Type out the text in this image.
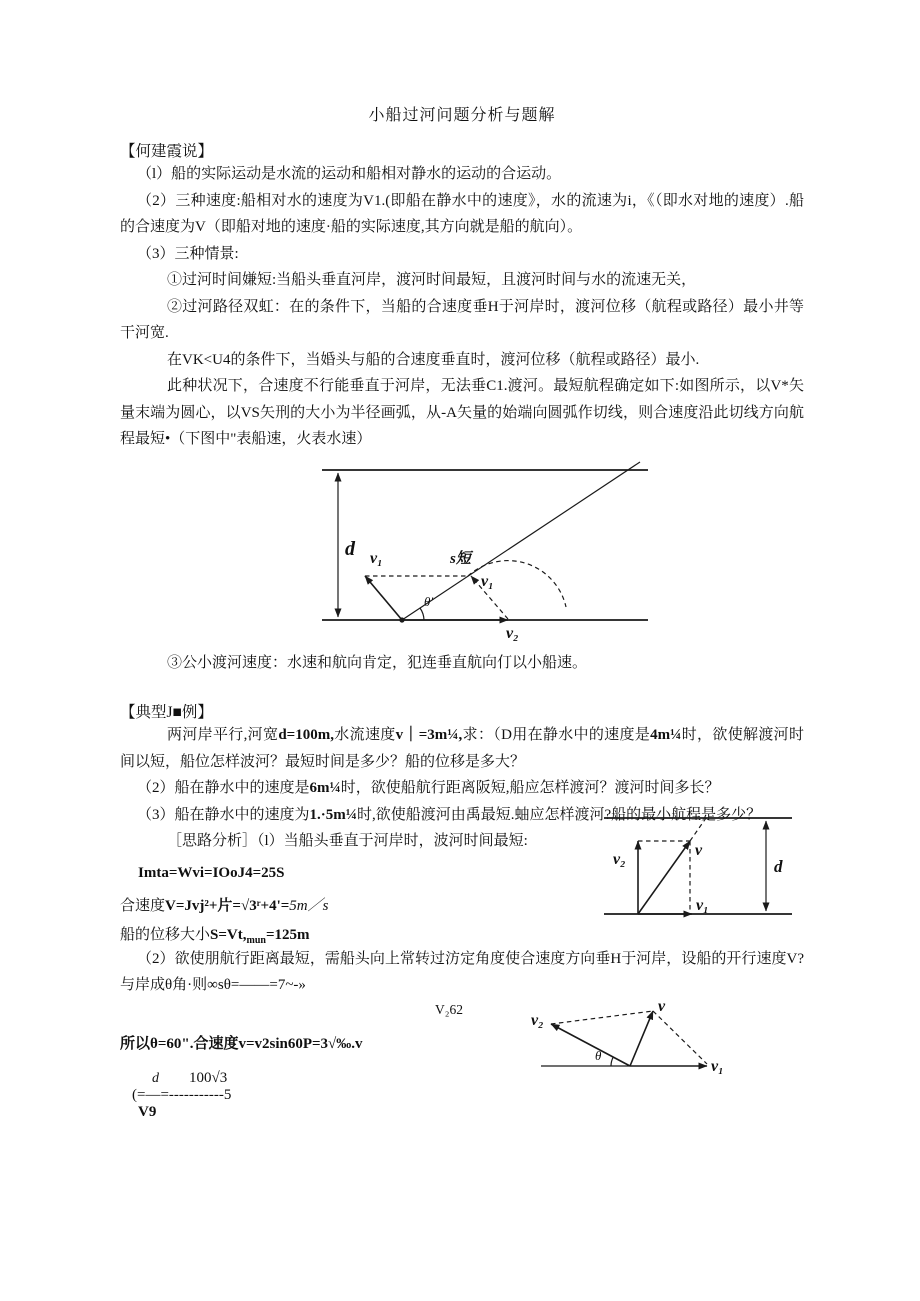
小船过河问题分析与题解
【何建霞说】

（l）船的实际运动是水流的运动和船相对静水的运动的合运动。

（2）三种速度:船相对水的速度为V1.(即船在静水中的速度》，水的流速为i，《（即水对地的速度）.船的合速度为V（即船对地的速度·船的实际速度,其方向就是船的航向）。

（3）三种情景:

①过河时间嫌短:当船头垂直河岸，渡河时间最短，且渡河时间与水的流速无关，

②过河路径双虹：在的条件下，当船的合速度垂H于河岸时，渡河位移（航程或路径）最小井等干河宽.

在VK<U4的条件下，当婚头与船的合速度垂直时，渡河位移（航程或路径）最小.

此种状况下，合速度不行能垂直于河岸，无法垂C1.渡河。最短航程确定如下:如图所示，以V*矢量末端为圆心，以VS矢刑的大小为半径画弧，从-A矢量的始端向圆弧作切线，则合速度沿此切线方向航程最短•（下图中"表船速，火表水速）

d
v₂
v₁
v₁
s短
θ'

③公小渡河速度：水速和航向肯定，犯连垂直航向仃以小船速。

【典型J■例】

两河岸平行,河宽d=100m,水流速度v｜=3m¼,求：（D用在静水中的速度是4m¼时，欲使解渡河时间以短，船位怎样波河？最短时间是多少？船的位移是多大？

（2）船在静水中的速度是6m¼时，欲使船航行距离阪短,船应怎样渡河？渡河时间多长？

（3）船在静水中的速度为1.·5m¼时,欲使船渡河由禹最短.蚰应怎样渡河?船的最小航程是多少？

［思路分析］（l）当船头垂直于河岸时，波河时间最短:

Imta=Wvi=IOoJ4=25S

合速度V=Jvj²+片=√3ʳ+4'=5m／s

船的位移大小$S=Vt,_{mun}=125m$

（2）欲使朋航行距离最短，需船头向上常转过汸定角度使合速度方向垂H于河岸，设船的开行速度V?与岸成θ角·则∞sθ=——=7~-»

V₂62

所以θ=60".合速度v=v2sin60P=3√‰.v

d 100√3
(=—=-----------5
V9
d
v₂
v
v₁
v₁
v₂
v
θ
